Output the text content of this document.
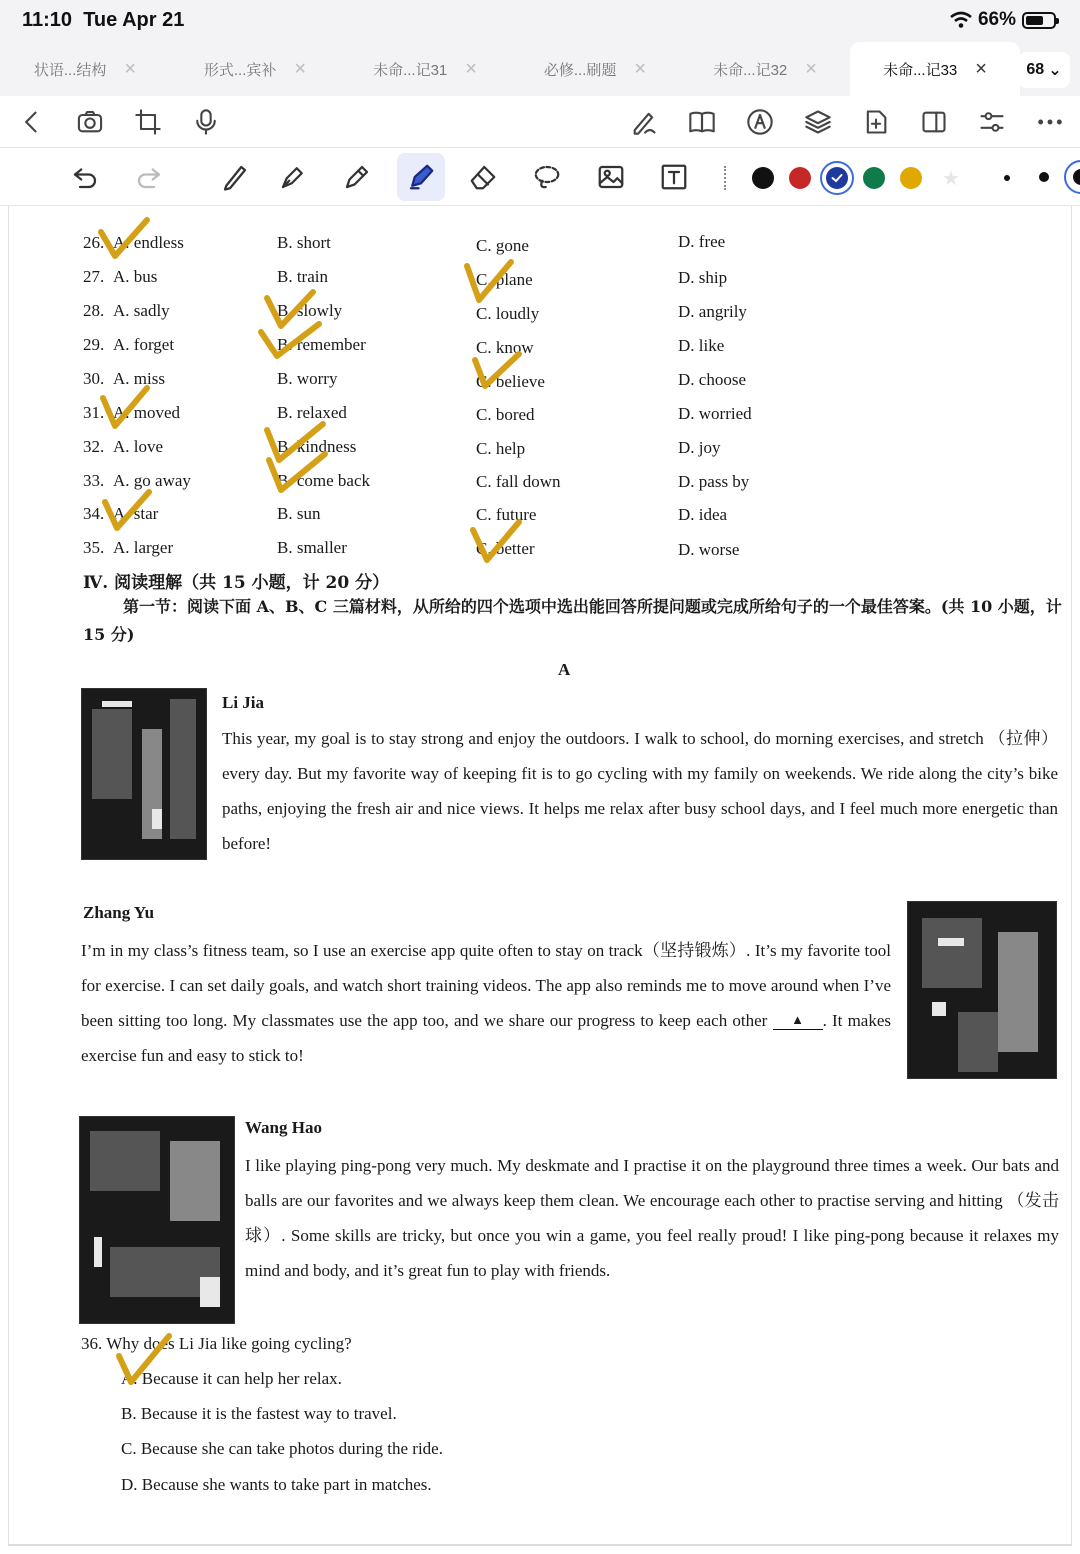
11:10 Tue Apr 21	66%
状语...结构 ×	形式...宾补 ×	未命...记31 ×	必修...刷题 ×	未命...记32 ×	未命...记33 × 68 ⌄
★
26. A. endless	B. short	C. gone	D. free
27. A. bus	B. train	C. plane	D. ship
28. A. sadly	B. slowly	C. loudly	D. angrily
29. A. forget	B. remember	C. know	D. like
30. A. miss	B. worry	C. believe	D. choose
31. A. moved	B. relaxed	C. bored	D. worried
32. A. love	B. kindness	C. help	D. joy
33. A. go away	B. come back	C. fall down	D. pass by
34. A. star	B. sun	C. future	D. idea
35. A. larger	B. smaller	C. better	D. worse
Ⅳ. 阅读理解（共 15 小题，计 20 分）
第一节：阅读下面 A、B、C 三篇材料，从所给的四个选项中选出能回答所提问题或完成所给句子的一个最佳答案。(共 10 小题，计 15 分)
A
Li Jia
This year, my goal is to stay strong and enjoy the outdoors. I walk to school, do morning exercises, and stretch （拉伸） every day. But my favorite way of keeping fit is to go cycling with my family on weekends. We ride along the city’s bike paths, enjoying the fresh air and nice views. It helps me relax after busy school days, and I feel much more energetic than before!
Zhang Yu
I’m in my class’s fitness team, so I use an exercise app quite often to stay on track（坚持锻炼）. It’s my favorite tool for exercise. I can set daily goals, and watch short training videos. The app also reminds me to move around when I’ve been sitting too long. My classmates use the app too, and we share our progress to keep each other ▲ . It makes exercise fun and easy to stick to!
Wang Hao
I like playing ping-pong very much. My deskmate and I practise it on the playground three times a week. Our bats and balls are our favorites and we always keep them clean. We encourage each other to practise serving and hitting （发击球）. Some skills are tricky, but once you win a game, you feel really proud! I like ping-pong because it relaxes my mind and body, and it’s great fun to play with friends.
36. Why does Li Jia like going cycling?
A. Because it can help her relax.
B. Because it is the fastest way to travel.
C. Because she can take photos during the ride.
D. Because she wants to take part in matches.
